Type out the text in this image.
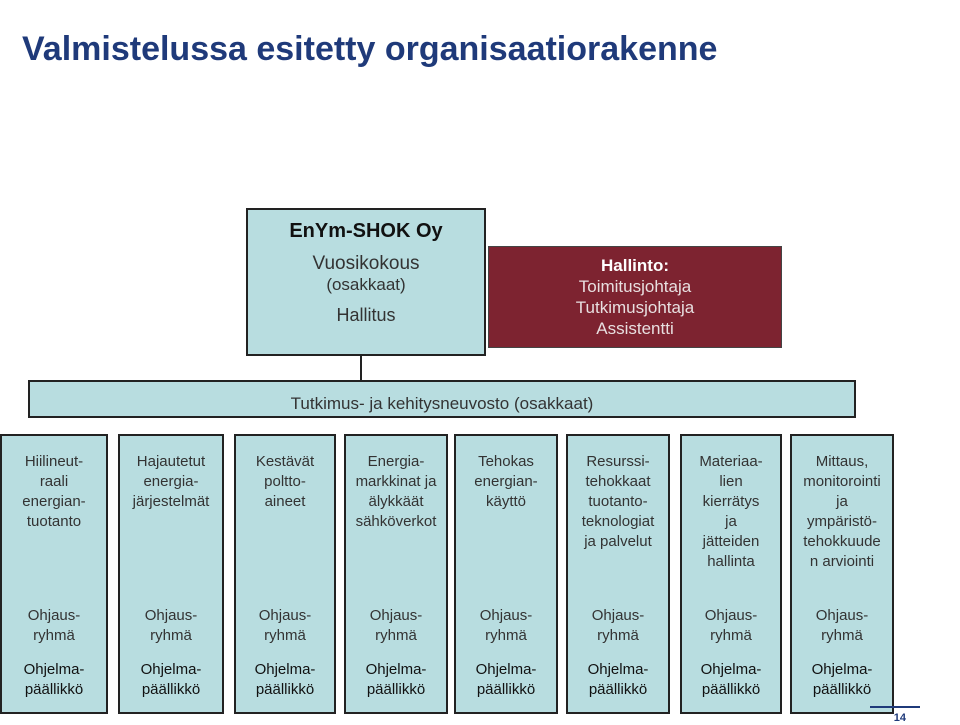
Valmistelussa esitetty organisaatiorakenne
EnYm-SHOK Oy
Vuosikokous
(osakkaat)
Hallitus
Hallinto:
Toimitusjohtaja
Tutkimusjohtaja
Assistentti
Tutkimus- ja kehitysneuvosto (osakkaat)
Hiilineut-
raali
energian-
tuotanto
Ohjaus-
ryhmä
Ohjelma-
päällikkö
Hajautetut
energia-
järjestelmät
Ohjaus-
ryhmä
Ohjelma-
päällikkö
Kestävät
poltto-
aineet
Ohjaus-
ryhmä
Ohjelma-
päällikkö
Energia-
markkinat ja
älykkäät
sähköverkot
Ohjaus-
ryhmä
Ohjelma-
päällikkö
Tehokas
energian-
käyttö
Ohjaus-
ryhmä
Ohjelma-
päällikkö
Resurssi-
tehokkaat
tuotanto-
teknologiat
ja palvelut
Ohjaus-
ryhmä
Ohjelma-
päällikkö
Materiaa-
lien
kierrätys
ja
jätteiden
hallinta
Ohjaus-
ryhmä
Ohjelma-
päällikkö
Mittaus,
monitorointi
ja
ympäristö-
tehokkuude
n arviointi
Ohjaus-
ryhmä
Ohjelma-
päällikkö
14
